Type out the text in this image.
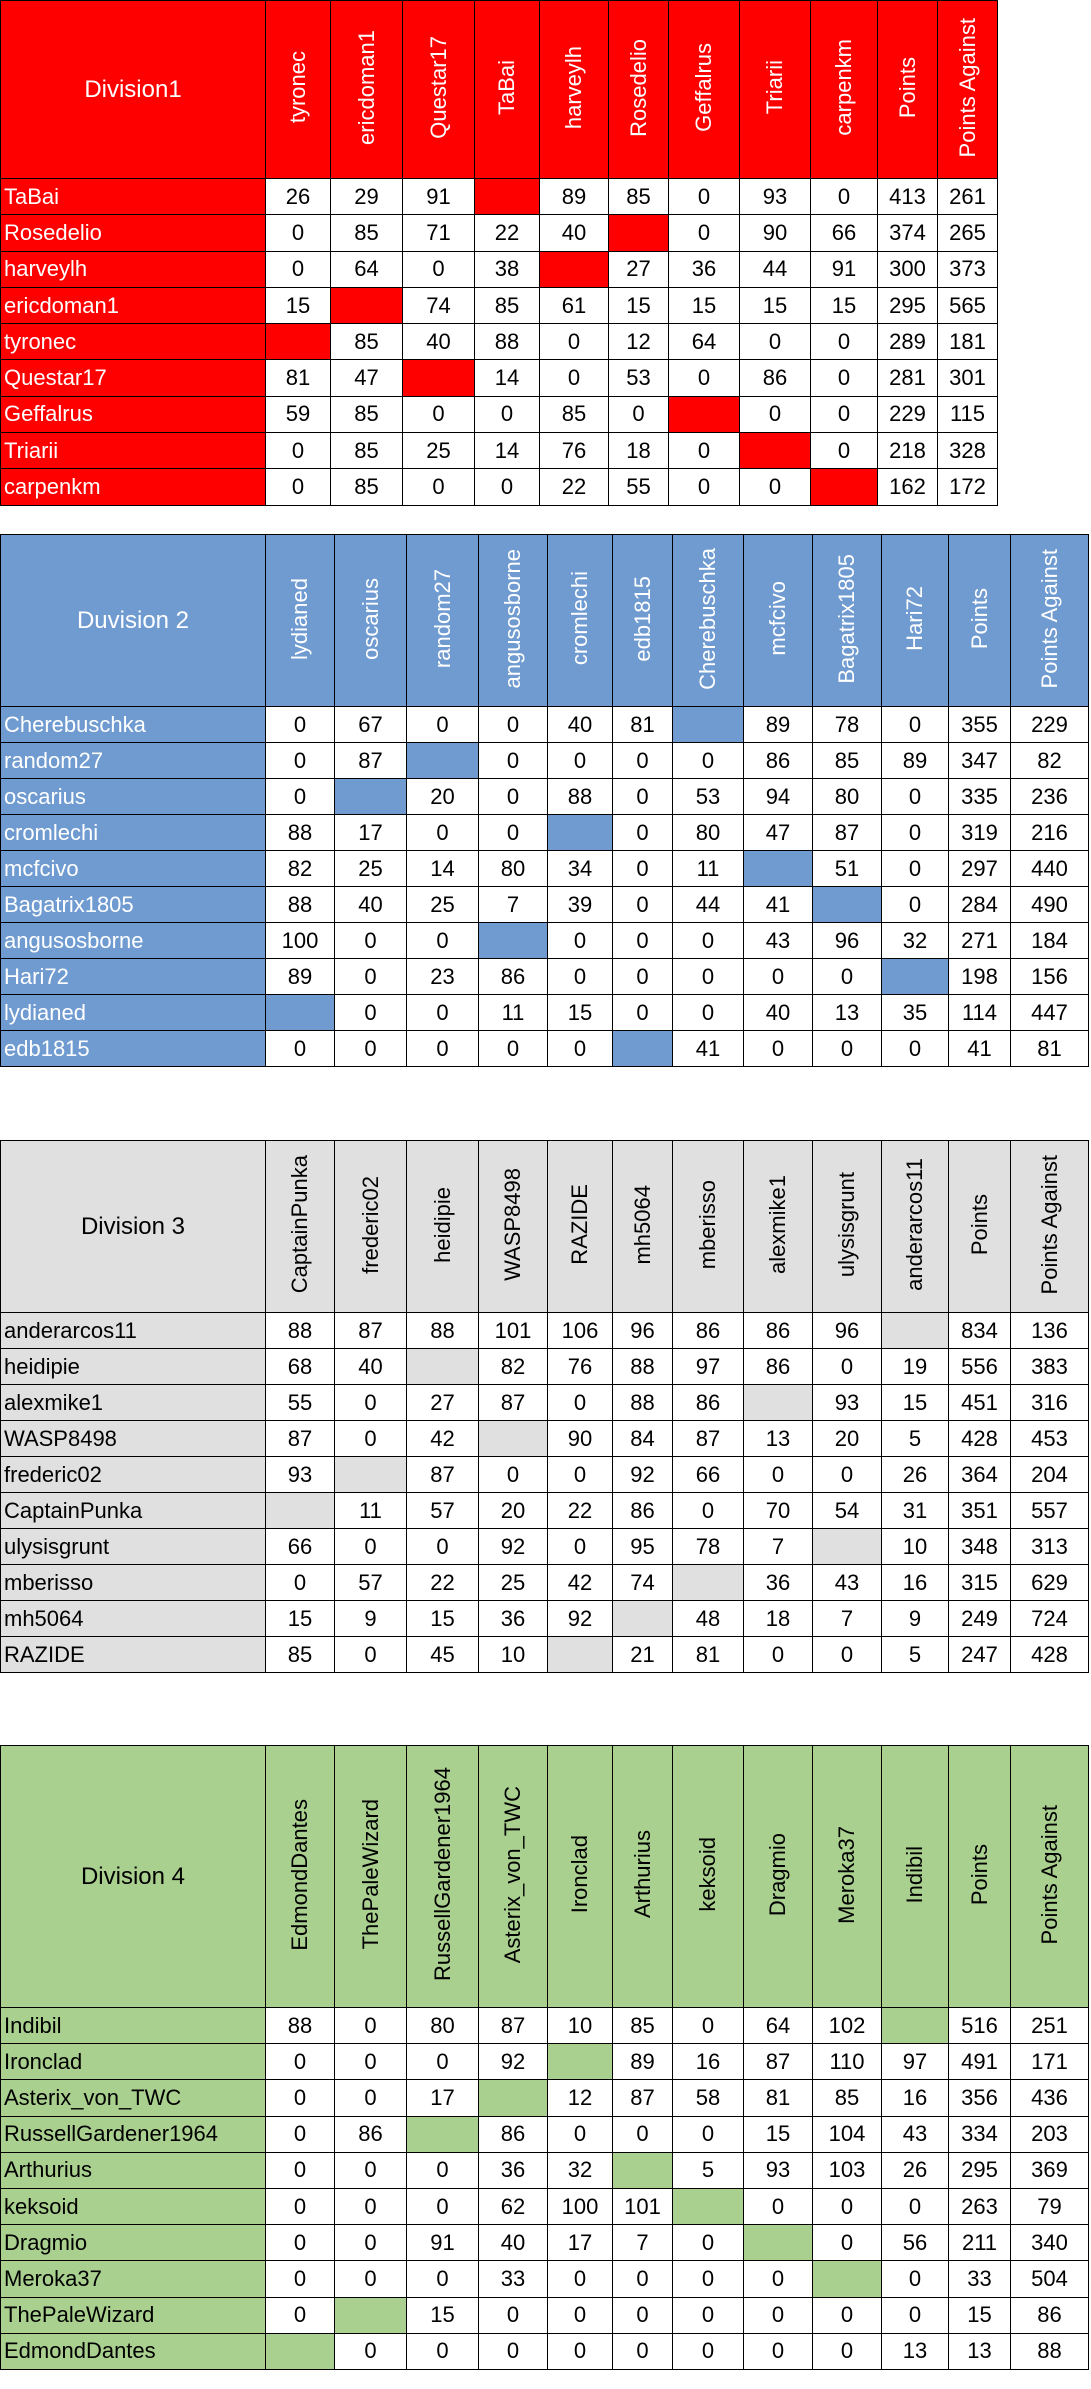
Division1	tyronec	ericdoman1	Questar17	TaBai	harveylh	Rosedelio	Geffalrus	Triarii	carpenkm	Points	Points Against
TaBai	26	29	91		89	85	0	93	0	413	261
Rosedelio	0	85	71	22	40		0	90	66	374	265
harveylh	0	64	0	38		27	36	44	91	300	373
ericdoman1	15		74	85	61	15	15	15	15	295	565
tyronec		85	40	88	0	12	64	0	0	289	181
Questar17	81	47		14	0	53	0	86	0	281	301
Geffalrus	59	85	0	0	85	0		0	0	229	115
Triarii	0	85	25	14	76	18	0		0	218	328
carpenkm	0	85	0	0	22	55	0	0		162	172
Duvision 2	lydianed	oscarius	random27	angusosborne	cromlechi	edb1815	Cherebuschka	mcfcivo	Bagatrix1805	Hari72	Points	Points Against
Cherebuschka	0	67	0	0	40	81		89	78	0	355	229
random27	0	87		0	0	0	0	86	85	89	347	82
oscarius	0		20	0	88	0	53	94	80	0	335	236
cromlechi	88	17	0	0		0	80	47	87	0	319	216
mcfcivo	82	25	14	80	34	0	11		51	0	297	440
Bagatrix1805	88	40	25	7	39	0	44	41		0	284	490
angusosborne	100	0	0		0	0	0	43	96	32	271	184
Hari72	89	0	23	86	0	0	0	0	0		198	156
lydianed		0	0	11	15	0	0	40	13	35	114	447
edb1815	0	0	0	0	0		41	0	0	0	41	81
Division 3	CaptainPunka	frederic02	heidipie	WASP8498	RAZIDE	mh5064	mberisso	alexmike1	ulysisgrunt	anderarcos11	Points	Points Against
anderarcos11	88	87	88	101	106	96	86	86	96		834	136
heidipie	68	40		82	76	88	97	86	0	19	556	383
alexmike1	55	0	27	87	0	88	86		93	15	451	316
WASP8498	87	0	42		90	84	87	13	20	5	428	453
frederic02	93		87	0	0	92	66	0	0	26	364	204
CaptainPunka		11	57	20	22	86	0	70	54	31	351	557
ulysisgrunt	66	0	0	92	0	95	78	7		10	348	313
mberisso	0	57	22	25	42	74		36	43	16	315	629
mh5064	15	9	15	36	92		48	18	7	9	249	724
RAZIDE	85	0	45	10		21	81	0	0	5	247	428
Division 4	EdmondDantes	ThePaleWizard	RussellGardener1964	Asterix_von_TWC	Ironclad	Arthurius	keksoid	Dragmio	Meroka37	Indibil	Points	Points Against
Indibil	88	0	80	87	10	85	0	64	102		516	251
Ironclad	0	0	0	92		89	16	87	110	97	491	171
Asterix_von_TWC	0	0	17		12	87	58	81	85	16	356	436
RussellGardener1964	0	86		86	0	0	0	15	104	43	334	203
Arthurius	0	0	0	36	32		5	93	103	26	295	369
keksoid	0	0	0	62	100	101		0	0	0	263	79
Dragmio	0	0	91	40	17	7	0		0	56	211	340
Meroka37	0	0	0	33	0	0	0	0		0	33	504
ThePaleWizard	0		15	0	0	0	0	0	0	0	15	86
EdmondDantes		0	0	0	0	0	0	0	0	13	13	88
